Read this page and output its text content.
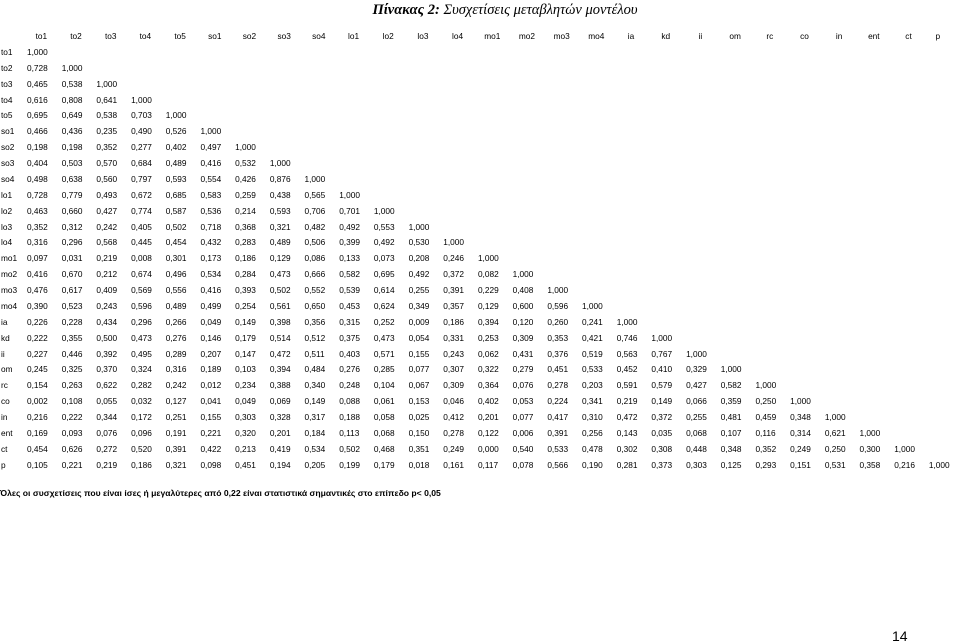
Πίνακας 2: Συσχετίσεις μεταβλητών μοντέλου
	to1	to2	to3	to4	to5	so1	so2	so3	so4	lo1	lo2	lo3	lo4	mo1	mo2	mo3	mo4	ia	kd	ii	om	rc	co	in	ent	ct	p
to1	1,000																										
to2	0,728	1,000																									
to3	0,465	0,538	1,000																								
to4	0,616	0,808	0,641	1,000																							
to5	0,695	0,649	0,538	0,703	1,000																						
so1	0,466	0,436	0,235	0,490	0,526	1,000																					
so2	0,198	0,198	0,352	0,277	0,402	0,497	1,000																				
so3	0,404	0,503	0,570	0,684	0,489	0,416	0,532	1,000																			
so4	0,498	0,638	0,560	0,797	0,593	0,554	0,426	0,876	1,000																		
lo1	0,728	0,779	0,493	0,672	0,685	0,583	0,259	0,438	0,565	1,000																	
lo2	0,463	0,660	0,427	0,774	0,587	0,536	0,214	0,593	0,706	0,701	1,000																
lo3	0,352	0,312	0,242	0,405	0,502	0,718	0,368	0,321	0,482	0,492	0,553	1,000															
lo4	0,316	0,296	0,568	0,445	0,454	0,432	0,283	0,489	0,506	0,399	0,492	0,530	1,000														
mo1	0,097	0,031	0,219	0,008	0,301	0,173	0,186	0,129	0,086	0,133	0,073	0,208	0,246	1,000													
mo2	0,416	0,670	0,212	0,674	0,496	0,534	0,284	0,473	0,666	0,582	0,695	0,492	0,372	0,082	1,000												
mo3	0,476	0,617	0,409	0,569	0,556	0,416	0,393	0,502	0,552	0,539	0,614	0,255	0,391	0,229	0,408	1,000											
mo4	0,390	0,523	0,243	0,596	0,489	0,499	0,254	0,561	0,650	0,453	0,624	0,349	0,357	0,129	0,600	0,596	1,000										
ia	0,226	0,228	0,434	0,296	0,266	0,049	0,149	0,398	0,356	0,315	0,252	0,009	0,186	0,394	0,120	0,260	0,241	1,000									
kd	0,222	0,355	0,500	0,473	0,276	0,146	0,179	0,514	0,512	0,375	0,473	0,054	0,331	0,253	0,309	0,353	0,421	0,746	1,000								
ii	0,227	0,446	0,392	0,495	0,289	0,207	0,147	0,472	0,511	0,403	0,571	0,155	0,243	0,062	0,431	0,376	0,519	0,563	0,767	1,000							
om	0,245	0,325	0,370	0,324	0,316	0,189	0,103	0,394	0,484	0,276	0,285	0,077	0,307	0,322	0,279	0,451	0,533	0,452	0,410	0,329	1,000						
rc	0,154	0,263	0,622	0,282	0,242	0,012	0,234	0,388	0,340	0,248	0,104	0,067	0,309	0,364	0,076	0,278	0,203	0,591	0,579	0,427	0,582	1,000					
co	0,002	0,108	0,055	0,032	0,127	0,041	0,049	0,069	0,149	0,088	0,061	0,153	0,046	0,402	0,053	0,224	0,341	0,219	0,149	0,066	0,359	0,250	1,000				
in	0,216	0,222	0,344	0,172	0,251	0,155	0,303	0,328	0,317	0,188	0,058	0,025	0,412	0,201	0,077	0,417	0,310	0,472	0,372	0,255	0,481	0,459	0,348	1,000			
ent	0,169	0,093	0,076	0,096	0,191	0,221	0,320	0,201	0,184	0,113	0,068	0,150	0,278	0,122	0,006	0,391	0,256	0,143	0,035	0,068	0,107	0,116	0,314	0,621	1,000		
ct	0,454	0,626	0,272	0,520	0,391	0,422	0,213	0,419	0,534	0,502	0,468	0,351	0,249	0,000	0,540	0,533	0,478	0,302	0,308	0,448	0,348	0,352	0,249	0,250	0,300	1,000	
p	0,105	0,221	0,219	0,186	0,321	0,098	0,451	0,194	0,205	0,199	0,179	0,018	0,161	0,117	0,078	0,566	0,190	0,281	0,373	0,303	0,125	0,293	0,151	0,531	0,358	0,216	1,000
Όλες οι συσχετίσεις που είναι ίσες ή μεγαλύτερες από 0,22 είναι στατιστικά σημαντικές στο επίπεδο p< 0,05
14
